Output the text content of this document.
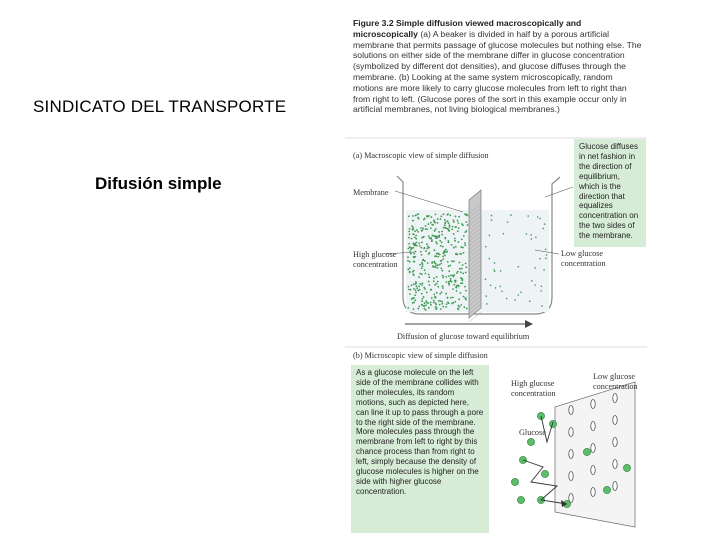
SINDICATO DEL TRANSPORTE
Difusión simple
Figure 3.2 Simple diffusion viewed macroscopically and microscopically (a) A beaker is divided in half by a porous artificial membrane that permits passage of glucose molecules but nothing else. The solutions on either side of the membrane differ in glucose concentration (symbolized by different dot densities), and glucose diffuses through the membrane. (b) Looking at the same system microscopically, random motions are more likely to carry glucose molecules from left to right than from right to left. (Glucose pores of the sort in this example occur only in artificial membranes, not living biological membranes.)
(a) Macroscopic view of simple diffusion
Membrane
High glucose concentration
Low glucose concentration
Diffusion of glucose toward equilibrium
Glucose diffuses in net fashion in the direction of equilibrium, which is the direction that equalizes concentration on the two sides of the membrane.
(b) Microscopic view of simple diffusion
As a glucose molecule on the left side of the membrane collides with other molecules, its random motions, such as depicted here, can line it up to pass through a pore to the right side of the membrane. More molecules pass through the membrane from left to right by this chance process than from right to left, simply because the density of glucose molecules is higher on the side with higher glucose concentration.
High glucose concentration
Low glucose concentration
Glucose
